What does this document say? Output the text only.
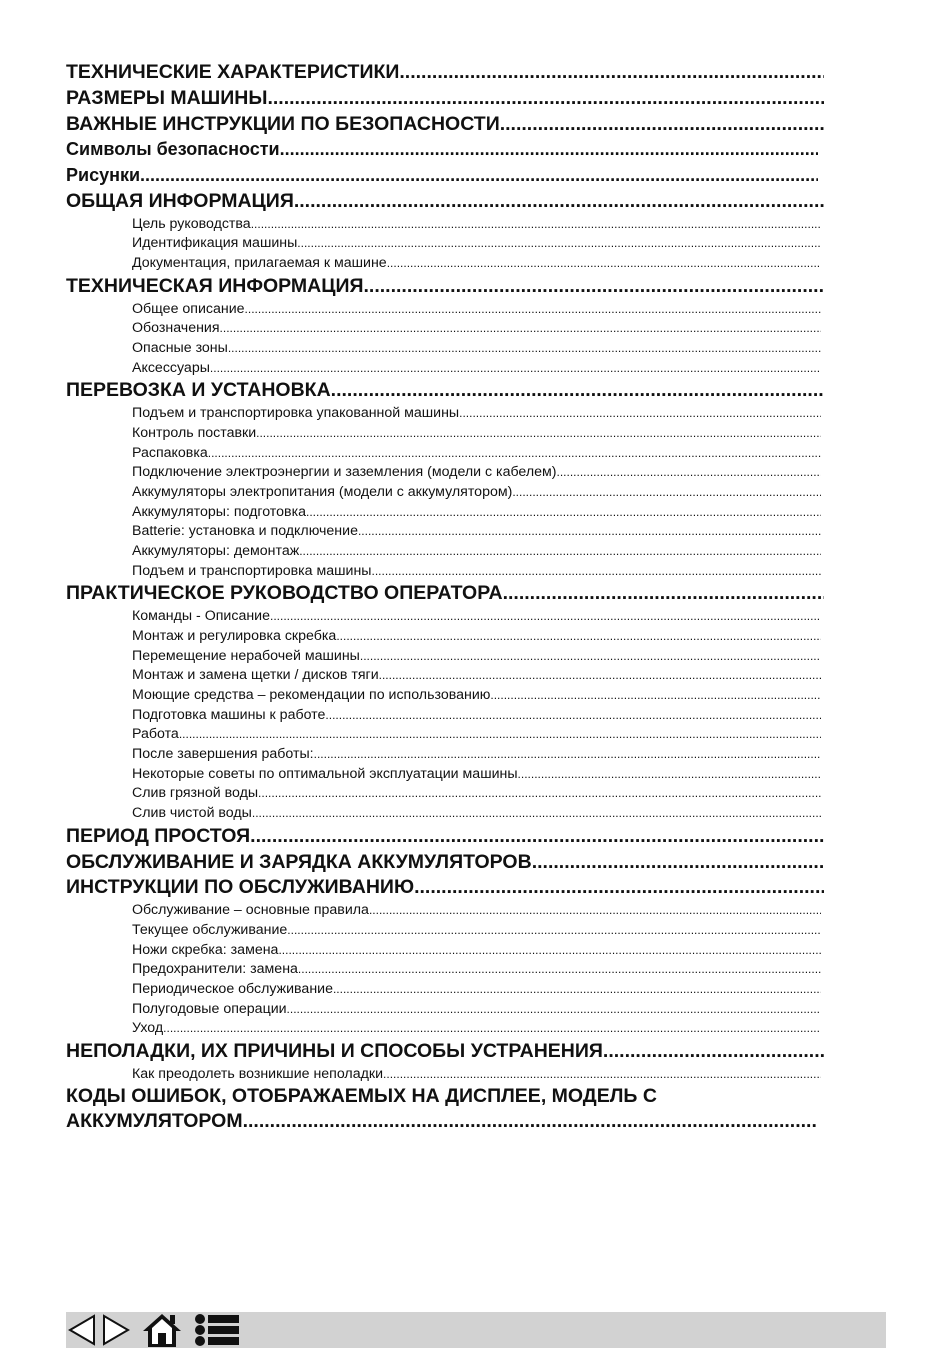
ТЕХНИЧЕСКИЕ ХАРАКТЕРИСТИКИ
.....
РАЗМЕРЫ МАШИНЫ
.....
ВАЖНЫЕ ИНСТРУКЦИИ ПО БЕЗОПАСНОСТИ
.....
Символы безопасности
.....
Рисунки
.....
ОБЩАЯ ИНФОРМАЦИЯ
.....
Цель руководства
.....
Идентификация машины
.....
Документация, прилагаемая к машине
.....
ТЕХНИЧЕСКАЯ ИНФОРМАЦИЯ
.....
Общее описание
.....
Обозначения
.....
Опасные зоны
.....
Аксессуары
.....
ПЕРЕВОЗКА И УСТАНОВКА
.....
Подъем и транспортировка упакованной машины
.....
Контроль поставки
.....
Распаковка
.....
Подключение электроэнергии и заземления (модели с кабелем)
.....
Аккумуляторы электропитания (модели с аккумулятором)
.....
Аккумуляторы: подготовка
.....
Batterie: установка и подключение
.....
Аккумуляторы: демонтаж
.....
Подъем и транспортировка машины
.....
ПРАКТИЧЕСКОЕ РУКОВОДСТВО ОПЕРАТОРА
.....
Команды - Описание
.....
Монтаж и регулировка скребка
.....
Перемещение нерабочей машины
.....
Монтаж и замена щетки / дисков тяги
.....
Моющие средства – рекомендации по использованию
.....
Подготовка машины к работе
.....
Работа
.....
После завершения работы:
.....
Некоторые советы по оптимальной эксплуатации машины
.....
Слив грязной воды
.....
Слив чистой воды
.....
ПЕРИОД ПРОСТОЯ
.....
ОБСЛУЖИВАНИЕ И ЗАРЯДКА АККУМУЛЯТОРОВ
.....
ИНСТРУКЦИИ ПО ОБСЛУЖИВАНИЮ
.....
Обслуживание – основные правила
.....
Текущее обслуживание
.....
Ножи скребка: замена
.....
Предохранители: замена
.....
Периодическое обслуживание
.....
Полугодовые операции
.....
Уход
.....
НЕПОЛАДКИ, ИХ ПРИЧИНЫ И СПОСОБЫ УСТРАНЕНИЯ
.....
Как преодолеть возникшие неполадки
.....
КОДЫ ОШИБОК, ОТОБРАЖАЕМЫХ НА ДИСПЛЕЕ, МОДЕЛЬ С
АККУМУЛЯТОРОМ
.....
